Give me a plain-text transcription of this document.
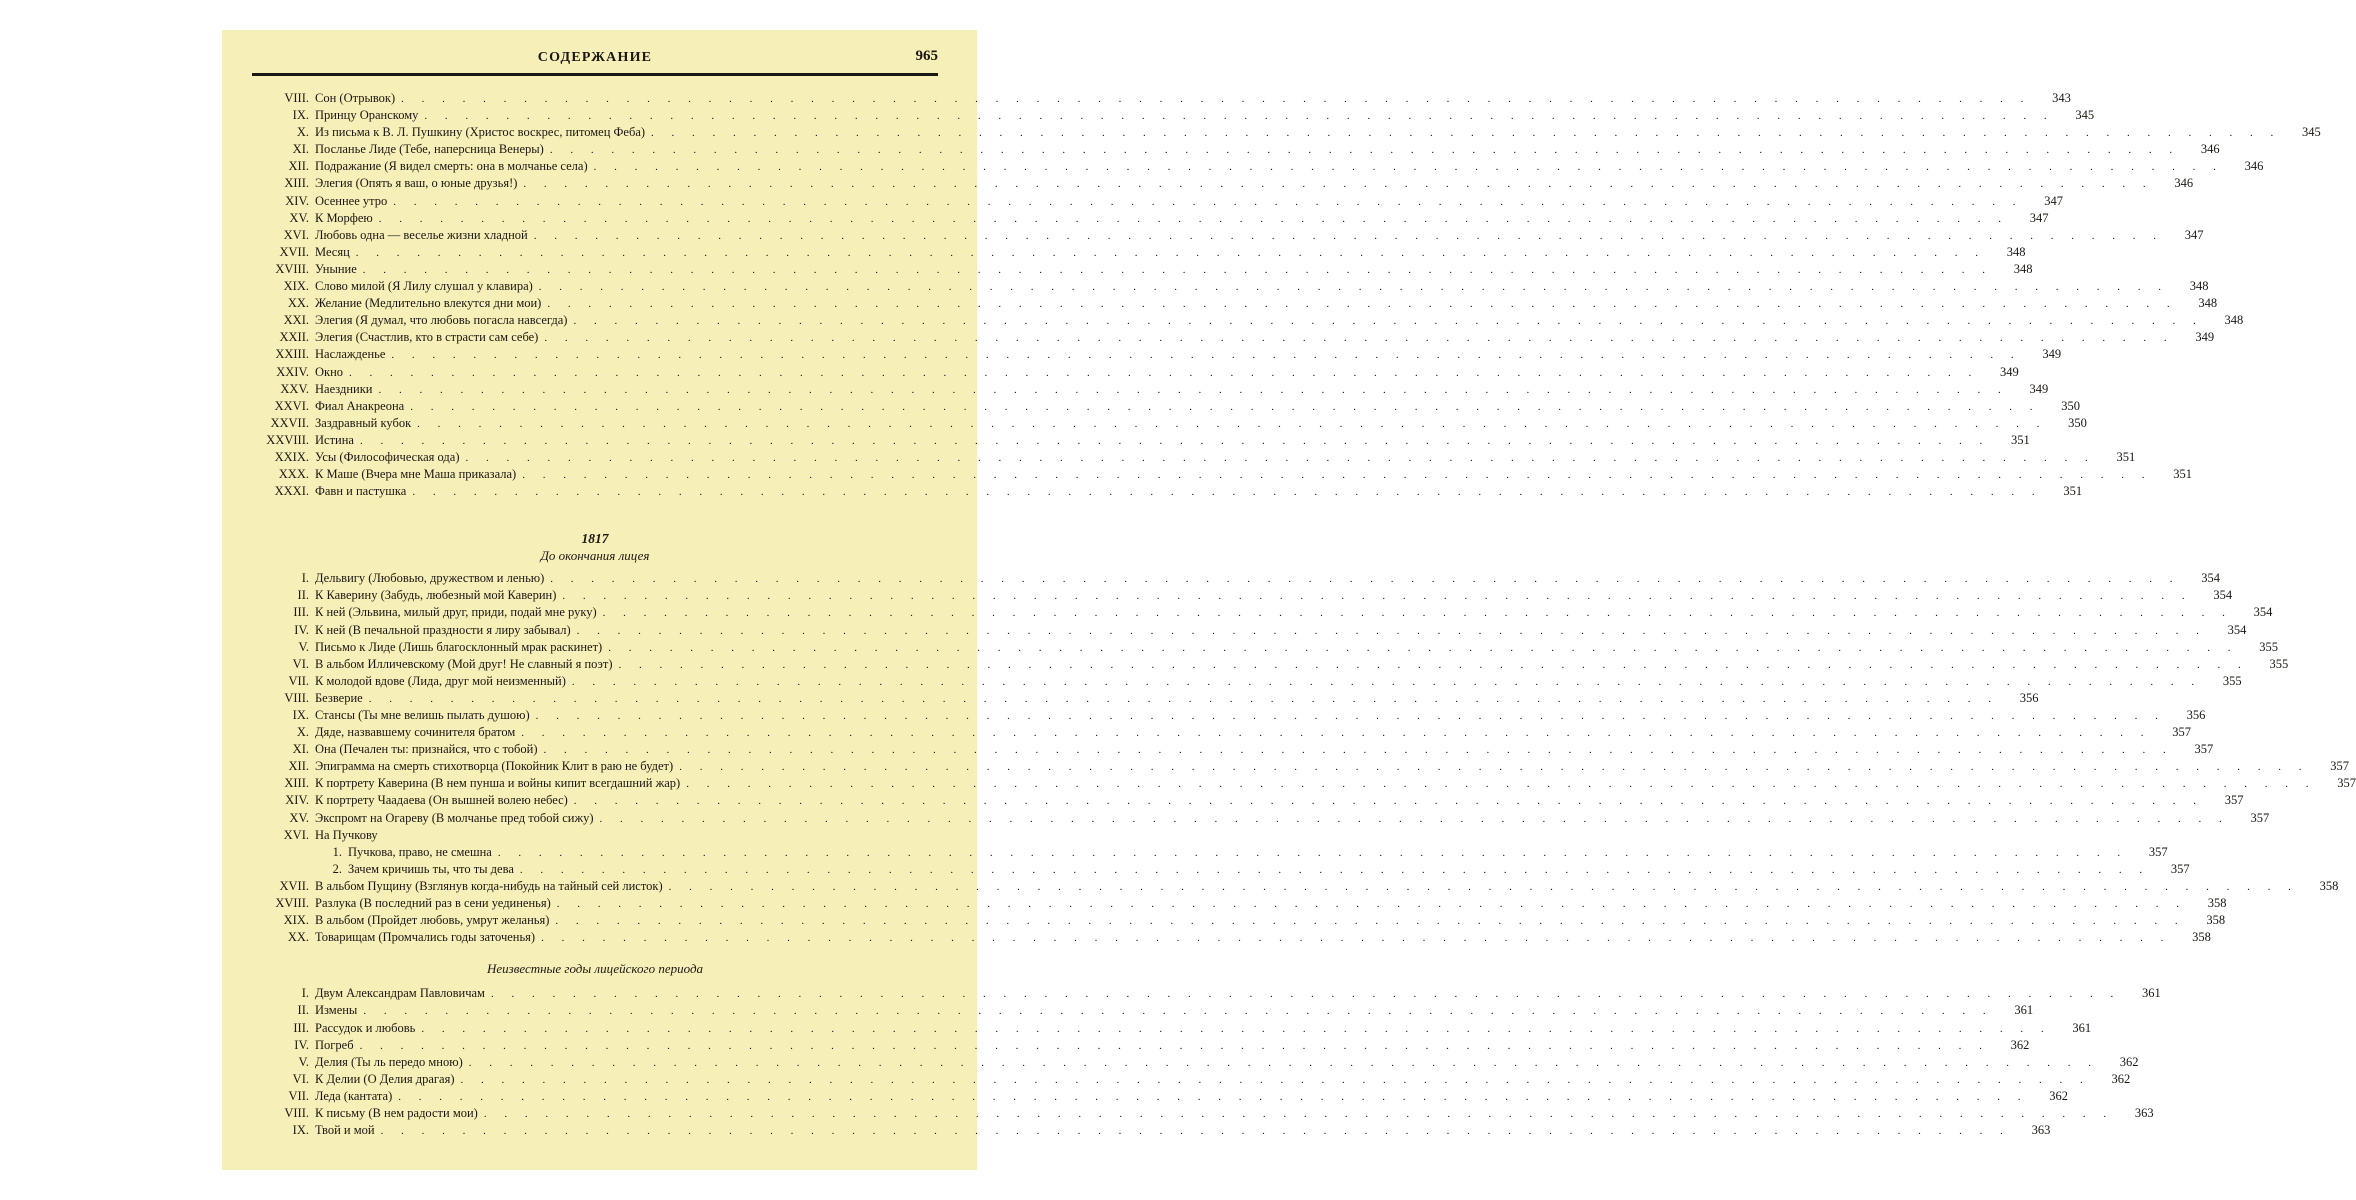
СОДЕРЖАНИЕ	965
VIII. Сон (Отрывок) . . . . . . . . . . . . . . . . . . . . . . . . . . . . . . . . . . . . . . . . . . . . . . . . . . . . . . . . . . . . . . . . . . . . . . . . . . . . . . . .	343
IX. Принцу Оранскому . . . . . . . . . . . . . . . . . . . . . . . . . . . . . . . . . . . . . . . . . . . . . . . . . . . . . . . . . . . . . . . . . . . . . . . . . . . . . . . .	345
X. Из письма к В. Л. Пушкину (Христос воскрес, питомец Феба) . . . . . . . . . . . . . . . . . . . . . . . . . . . . . . . . . . . . . . . . . . . . . . . . . . . . . . . . . . . . . . . . . . . . . . . . . . . . . . . .	345
XI. Посланье Лиде (Тебе, наперсница Венеры) . . . . . . . . . . . . . . . . . . . . . . . . . . . . . . . . . . . . . . . . . . . . . . . . . . . . . . . . . . . . . . . . . . . . . . . . . . . . . . . .	346
XII. Подражание (Я видел смерть: она в молчанье села) . . . . . . . . . . . . . . . . . . . . . . . . . . . . . . . . . . . . . . . . . . . . . . . . . . . . . . . . . . . . . . . . . . . . . . . . . . . . . . . .	346
XIII. Элегия (Опять я ваш, о юные друзья!) . . . . . . . . . . . . . . . . . . . . . . . . . . . . . . . . . . . . . . . . . . . . . . . . . . . . . . . . . . . . . . . . . . . . . . . . . . . . . . . .	346
XIV. Осеннее утро . . . . . . . . . . . . . . . . . . . . . . . . . . . . . . . . . . . . . . . . . . . . . . . . . . . . . . . . . . . . . . . . . . . . . . . . . . . . . . . .	347
XV. К Морфею . . . . . . . . . . . . . . . . . . . . . . . . . . . . . . . . . . . . . . . . . . . . . . . . . . . . . . . . . . . . . . . . . . . . . . . . . . . . . . . .	347
XVI. Любовь одна — веселье жизни хладной . . . . . . . . . . . . . . . . . . . . . . . . . . . . . . . . . . . . . . . . . . . . . . . . . . . . . . . . . . . . . . . . . . . . . . . . . . . . . . . .	347
XVII. Месяц . . . . . . . . . . . . . . . . . . . . . . . . . . . . . . . . . . . . . . . . . . . . . . . . . . . . . . . . . . . . . . . . . . . . . . . . . . . . . . . .	348
XVIII. Уныние . . . . . . . . . . . . . . . . . . . . . . . . . . . . . . . . . . . . . . . . . . . . . . . . . . . . . . . . . . . . . . . . . . . . . . . . . . . . . . . .	348
XIX. Слово милой (Я Лилу слушал у клавира) . . . . . . . . . . . . . . . . . . . . . . . . . . . . . . . . . . . . . . . . . . . . . . . . . . . . . . . . . . . . . . . . . . . . . . . . . . . . . . . .	348
XX. Желание (Медлительно влекутся дни мои) . . . . . . . . . . . . . . . . . . . . . . . . . . . . . . . . . . . . . . . . . . . . . . . . . . . . . . . . . . . . . . . . . . . . . . . . . . . . . . . .	348
XXI. Элегия (Я думал, что любовь погасла навсегда) . . . . . . . . . . . . . . . . . . . . . . . . . . . . . . . . . . . . . . . . . . . . . . . . . . . . . . . . . . . . . . . . . . . . . . . . . . . . . . . .	348
XXII. Элегия (Счастлив, кто в страсти сам себе) . . . . . . . . . . . . . . . . . . . . . . . . . . . . . . . . . . . . . . . . . . . . . . . . . . . . . . . . . . . . . . . . . . . . . . . . . . . . . . . .	349
XXIII. Наслажденье . . . . . . . . . . . . . . . . . . . . . . . . . . . . . . . . . . . . . . . . . . . . . . . . . . . . . . . . . . . . . . . . . . . . . . . . . . . . . . . .	349
XXIV. Окно . . . . . . . . . . . . . . . . . . . . . . . . . . . . . . . . . . . . . . . . . . . . . . . . . . . . . . . . . . . . . . . . . . . . . . . . . . . . . . . .	349
XXV. Наездники . . . . . . . . . . . . . . . . . . . . . . . . . . . . . . . . . . . . . . . . . . . . . . . . . . . . . . . . . . . . . . . . . . . . . . . . . . . . . . . .	349
XXVI. Фиал Анакреона . . . . . . . . . . . . . . . . . . . . . . . . . . . . . . . . . . . . . . . . . . . . . . . . . . . . . . . . . . . . . . . . . . . . . . . . . . . . . . . .	350
XXVII. Заздравный кубок . . . . . . . . . . . . . . . . . . . . . . . . . . . . . . . . . . . . . . . . . . . . . . . . . . . . . . . . . . . . . . . . . . . . . . . . . . . . . . . .	350
XXVIII. Истина . . . . . . . . . . . . . . . . . . . . . . . . . . . . . . . . . . . . . . . . . . . . . . . . . . . . . . . . . . . . . . . . . . . . . . . . . . . . . . . .	351
XXIX. Усы (Философическая ода) . . . . . . . . . . . . . . . . . . . . . . . . . . . . . . . . . . . . . . . . . . . . . . . . . . . . . . . . . . . . . . . . . . . . . . . . . . . . . . . .	351
XXX. К Маше (Вчера мне Маша приказала) . . . . . . . . . . . . . . . . . . . . . . . . . . . . . . . . . . . . . . . . . . . . . . . . . . . . . . . . . . . . . . . . . . . . . . . . . . . . . . . .	351
XXXI. Фавн и пастушка . . . . . . . . . . . . . . . . . . . . . . . . . . . . . . . . . . . . . . . . . . . . . . . . . . . . . . . . . . . . . . . . . . . . . . . . . . . . . . . .	351
1817
До окончания лицея
I. Дельвигу (Любовью, дружеством и ленью) . . . . . . . . . . . . . . . . . . . . . . . . . . . . . . . . . . . . . . . . . . . . . . . . . . . . . . . . . . . . . . . . . . . . . . . . . . . . . . . .	354
II. К Каверину (Забудь, любезный мой Каверин) . . . . . . . . . . . . . . . . . . . . . . . . . . . . . . . . . . . . . . . . . . . . . . . . . . . . . . . . . . . . . . . . . . . . . . . . . . . . . . . .	354
III. К ней (Эльвина, милый друг, приди, подай мне руку) . . . . . . . . . . . . . . . . . . . . . . . . . . . . . . . . . . . . . . . . . . . . . . . . . . . . . . . . . . . . . . . . . . . . . . . . . . . . . . . .	354
IV. К ней (В печальной праздности я лиру забывал) . . . . . . . . . . . . . . . . . . . . . . . . . . . . . . . . . . . . . . . . . . . . . . . . . . . . . . . . . . . . . . . . . . . . . . . . . . . . . . . .	354
V. Письмо к Лиде (Лишь благосклонный мрак раскинет) . . . . . . . . . . . . . . . . . . . . . . . . . . . . . . . . . . . . . . . . . . . . . . . . . . . . . . . . . . . . . . . . . . . . . . . . . . . . . . . .	355
VI. В альбом Илличевскому (Мой друг! Не славный я поэт) . . . . . . . . . . . . . . . . . . . . . . . . . . . . . . . . . . . . . . . . . . . . . . . . . . . . . . . . . . . . . . . . . . . . . . . . . . . . . . . .	355
VII. К молодой вдове (Лида, друг мой неизменный) . . . . . . . . . . . . . . . . . . . . . . . . . . . . . . . . . . . . . . . . . . . . . . . . . . . . . . . . . . . . . . . . . . . . . . . . . . . . . . . .	355
VIII. Безверие . . . . . . . . . . . . . . . . . . . . . . . . . . . . . . . . . . . . . . . . . . . . . . . . . . . . . . . . . . . . . . . . . . . . . . . . . . . . . . . .	356
IX. Стансы (Ты мне велишь пылать душою) . . . . . . . . . . . . . . . . . . . . . . . . . . . . . . . . . . . . . . . . . . . . . . . . . . . . . . . . . . . . . . . . . . . . . . . . . . . . . . . .	356
X. Дяде, назвавшему сочинителя братом . . . . . . . . . . . . . . . . . . . . . . . . . . . . . . . . . . . . . . . . . . . . . . . . . . . . . . . . . . . . . . . . . . . . . . . . . . . . . . . .	357
XI. Она (Печален ты: признайся, что с тобой) . . . . . . . . . . . . . . . . . . . . . . . . . . . . . . . . . . . . . . . . . . . . . . . . . . . . . . . . . . . . . . . . . . . . . . . . . . . . . . . .	357
XII. Эпиграмма на смерть стихотворца (Покойник Клит в раю не будет) . . . . . . . . . . . . . . . . . . . . . . . . . . . . . . . . . . . . . . . . . . . . . . . . . . . . . . . . . . . . . . . . . . . . . . . . . . . . . . . .	357
XIII. К портрету Каверина (В нем пунша и войны кипит всегдашний жар) . . . . . . . . . . . . . . . . . . . . . . . . . . . . . . . . . . . . . . . . . . . . . . . . . . . . . . . . . . . . . . . . . . . . . . . . . . . . . . . .	357
XIV. К портрету Чаадаева (Он вышней волею небес) . . . . . . . . . . . . . . . . . . . . . . . . . . . . . . . . . . . . . . . . . . . . . . . . . . . . . . . . . . . . . . . . . . . . . . . . . . . . . . . .	357
XV. Экспромт на Огареву (В молчанье пред тобой сижу) . . . . . . . . . . . . . . . . . . . . . . . . . . . . . . . . . . . . . . . . . . . . . . . . . . . . . . . . . . . . . . . . . . . . . . . . . . . . . . . .	357
XVI. На Пучкову
1. Пучкова, право, не смешна . . . . . . . . . . . . . . . . . . . . . . . . . . . . . . . . . . . . . . . . . . . . . . . . . . . . . . . . . . . . . . . . . . . . . . . . . . . . . . . .	357
2. Зачем кричишь ты, что ты дева . . . . . . . . . . . . . . . . . . . . . . . . . . . . . . . . . . . . . . . . . . . . . . . . . . . . . . . . . . . . . . . . . . . . . . . . . . . . . . . .	357
XVII. В альбом Пущину (Взглянув когда-нибудь на тайный сей листок) . . . . . . . . . . . . . . . . . . . . . . . . . . . . . . . . . . . . . . . . . . . . . . . . . . . . . . . . . . . . . . . . . . . . . . . . . . . . . . . .	358
XVIII. Разлука (В последний раз в сени уединенья) . . . . . . . . . . . . . . . . . . . . . . . . . . . . . . . . . . . . . . . . . . . . . . . . . . . . . . . . . . . . . . . . . . . . . . . . . . . . . . . .	358
XIX. В альбом (Пройдет любовь, умрут желанья) . . . . . . . . . . . . . . . . . . . . . . . . . . . . . . . . . . . . . . . . . . . . . . . . . . . . . . . . . . . . . . . . . . . . . . . . . . . . . . . .	358
XX. Товарищам (Промчались годы заточенья) . . . . . . . . . . . . . . . . . . . . . . . . . . . . . . . . . . . . . . . . . . . . . . . . . . . . . . . . . . . . . . . . . . . . . . . . . . . . . . . .	358
Неизвестные годы лицейского периода
I. Двум Александрам Павловичам . . . . . . . . . . . . . . . . . . . . . . . . . . . . . . . . . . . . . . . . . . . . . . . . . . . . . . . . . . . . . . . . . . . . . . . . . . . . . . . .	361
II. Измены . . . . . . . . . . . . . . . . . . . . . . . . . . . . . . . . . . . . . . . . . . . . . . . . . . . . . . . . . . . . . . . . . . . . . . . . . . . . . . . .	361
III. Рассудок и любовь . . . . . . . . . . . . . . . . . . . . . . . . . . . . . . . . . . . . . . . . . . . . . . . . . . . . . . . . . . . . . . . . . . . . . . . . . . . . . . . .	361
IV. Погреб . . . . . . . . . . . . . . . . . . . . . . . . . . . . . . . . . . . . . . . . . . . . . . . . . . . . . . . . . . . . . . . . . . . . . . . . . . . . . . . .	362
V. Делия (Ты ль передо мною) . . . . . . . . . . . . . . . . . . . . . . . . . . . . . . . . . . . . . . . . . . . . . . . . . . . . . . . . . . . . . . . . . . . . . . . . . . . . . . . .	362
VI. К Делии (О Делия драгая) . . . . . . . . . . . . . . . . . . . . . . . . . . . . . . . . . . . . . . . . . . . . . . . . . . . . . . . . . . . . . . . . . . . . . . . . . . . . . . . .	362
VII. Леда (кантата) . . . . . . . . . . . . . . . . . . . . . . . . . . . . . . . . . . . . . . . . . . . . . . . . . . . . . . . . . . . . . . . . . . . . . . . . . . . . . . . .	362
VIII. К письму (В нем радости мои) . . . . . . . . . . . . . . . . . . . . . . . . . . . . . . . . . . . . . . . . . . . . . . . . . . . . . . . . . . . . . . . . . . . . . . . . . . . . . . . .	363
IX. Твой и мой . . . . . . . . . . . . . . . . . . . . . . . . . . . . . . . . . . . . . . . . . . . . . . . . . . . . . . . . . . . . . . . . . . . . . . . . . . . . . . . .	363
